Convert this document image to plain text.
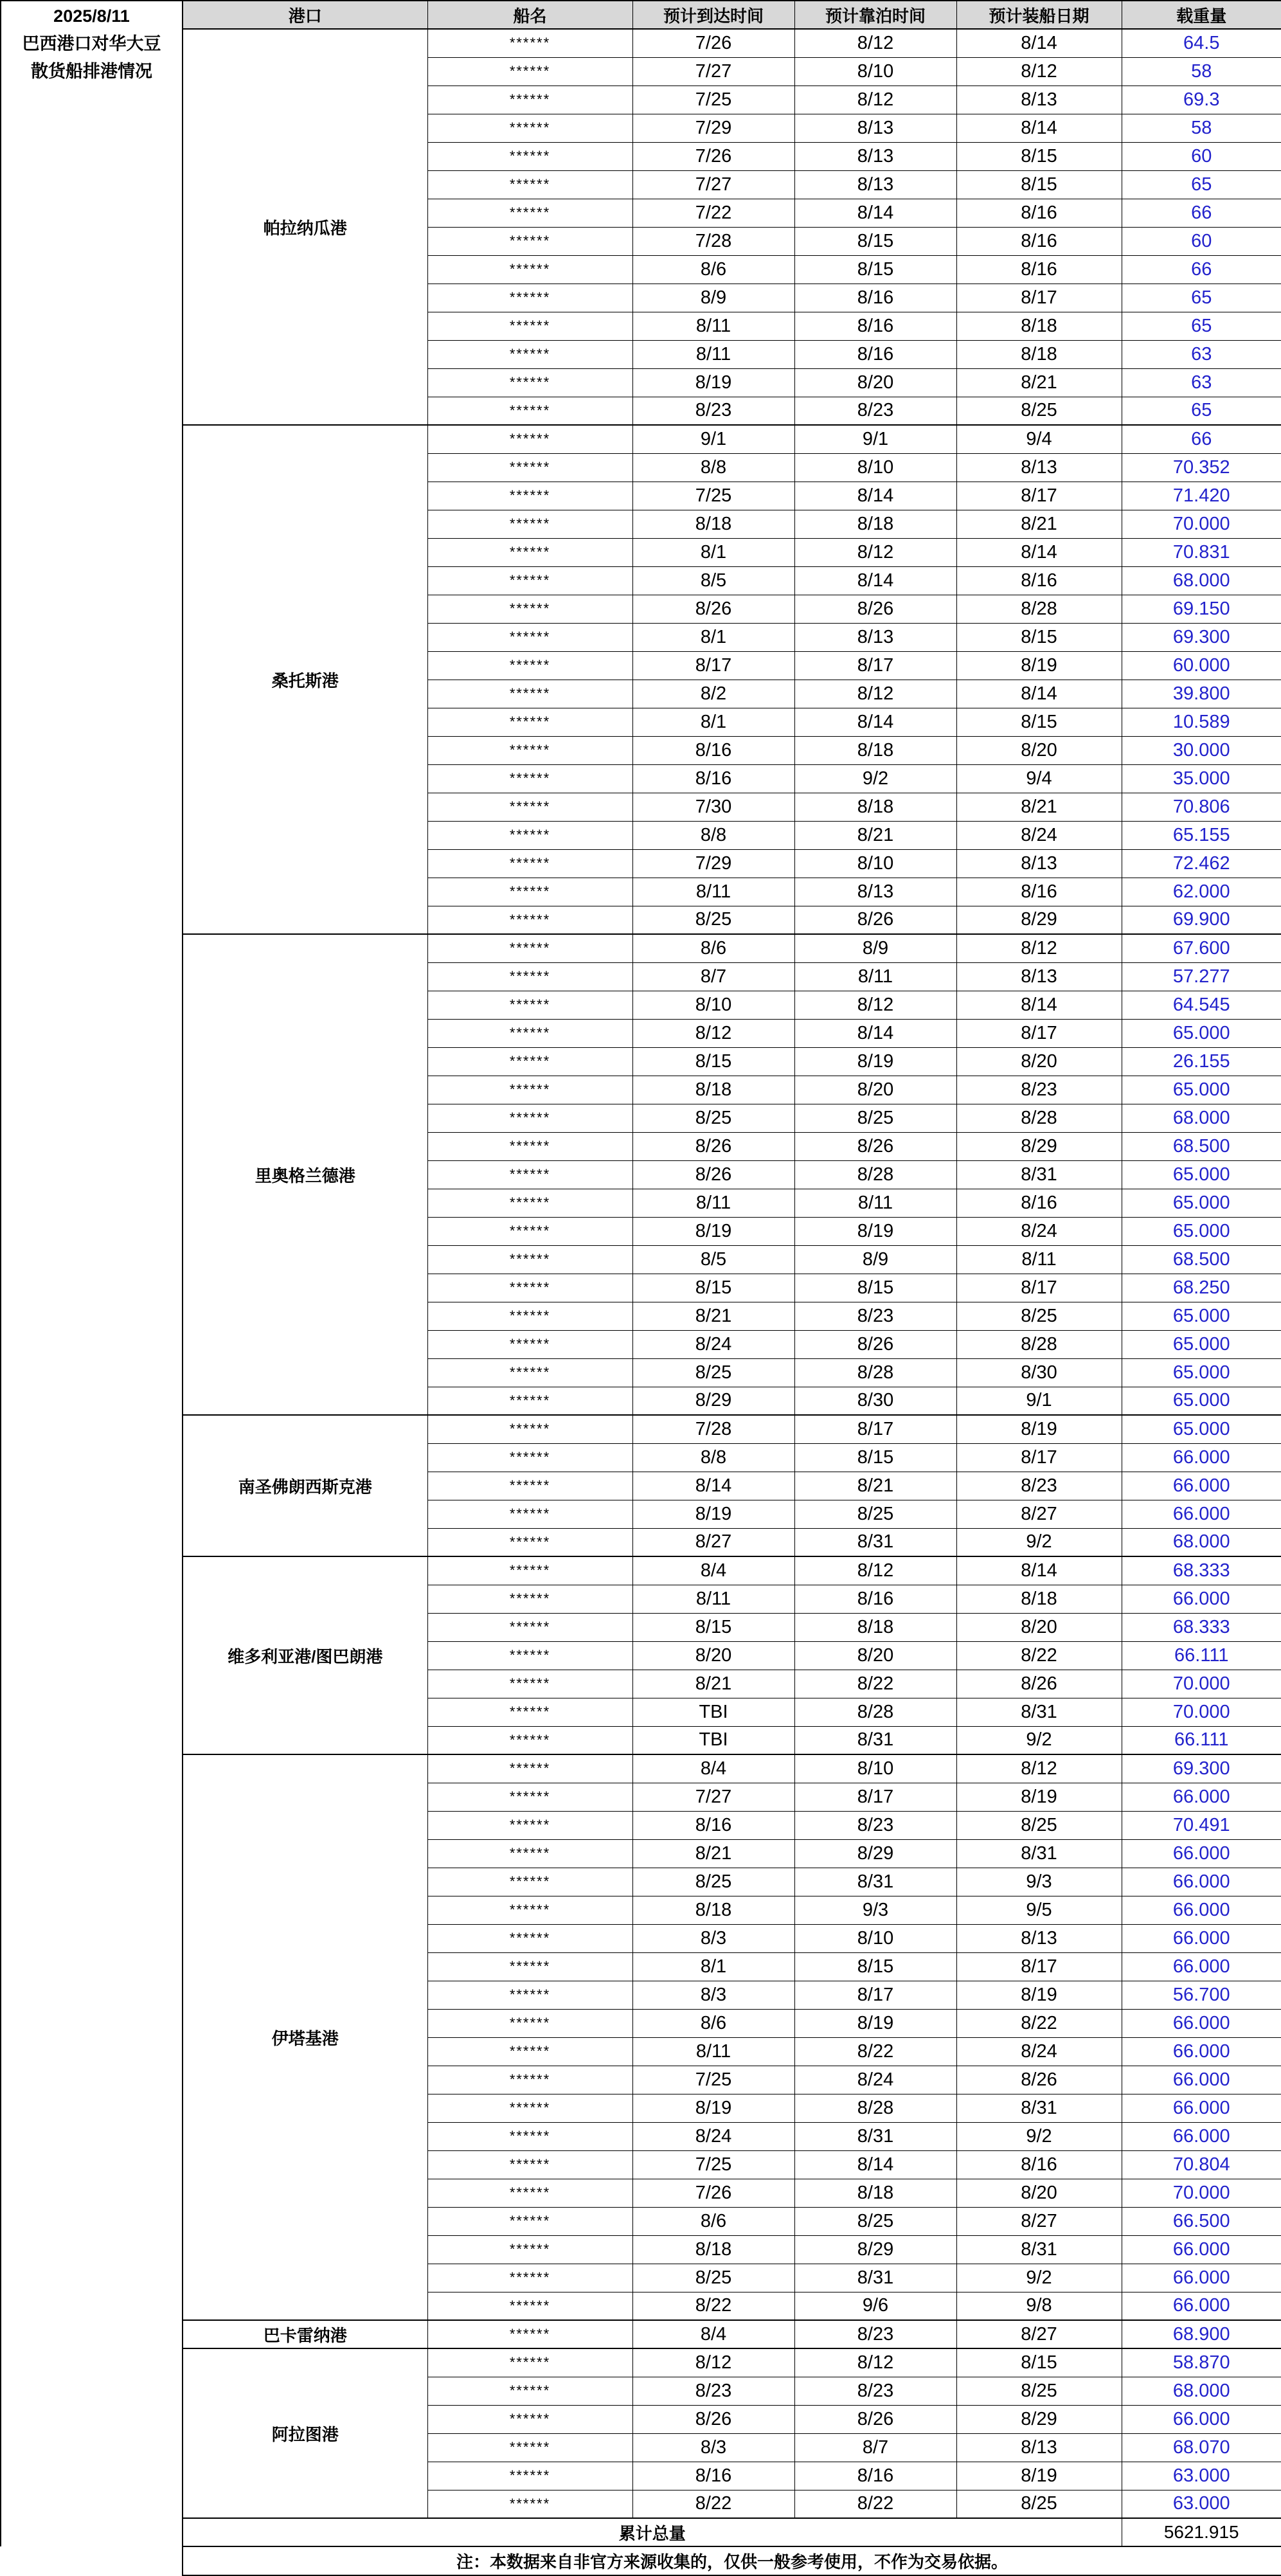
2025/8/11
巴西港口对华大豆
散货船排港情况
港口	船名	预计到达时间	预计靠泊时间	预计装船日期	载重量
帕拉纳瓜港	******	7/26	8/12	8/14	64.5
	******	7/27	8/10	8/12	58
	******	7/25	8/12	8/13	69.3
	******	7/29	8/13	8/14	58
	******	7/26	8/13	8/15	60
	******	7/27	8/13	8/15	65
	******	7/22	8/14	8/16	66
	******	7/28	8/15	8/16	60
	******	8/6	8/15	8/16	66
	******	8/9	8/16	8/17	65
	******	8/11	8/16	8/18	65
	******	8/11	8/16	8/18	63
	******	8/19	8/20	8/21	63
	******	8/23	8/23	8/25	65
桑托斯港	******	9/1	9/1	9/4	66
	******	8/8	8/10	8/13	70.352
	******	7/25	8/14	8/17	71.420
	******	8/18	8/18	8/21	70.000
	******	8/1	8/12	8/14	70.831
	******	8/5	8/14	8/16	68.000
	******	8/26	8/26	8/28	69.150
	******	8/1	8/13	8/15	69.300
	******	8/17	8/17	8/19	60.000
	******	8/2	8/12	8/14	39.800
	******	8/1	8/14	8/15	10.589
	******	8/16	8/18	8/20	30.000
	******	8/16	9/2	9/4	35.000
	******	7/30	8/18	8/21	70.806
	******	8/8	8/21	8/24	65.155
	******	7/29	8/10	8/13	72.462
	******	8/11	8/13	8/16	62.000
	******	8/25	8/26	8/29	69.900
里奥格兰德港	******	8/6	8/9	8/12	67.600
	******	8/7	8/11	8/13	57.277
	******	8/10	8/12	8/14	64.545
	******	8/12	8/14	8/17	65.000
	******	8/15	8/19	8/20	26.155
	******	8/18	8/20	8/23	65.000
	******	8/25	8/25	8/28	68.000
	******	8/26	8/26	8/29	68.500
	******	8/26	8/28	8/31	65.000
	******	8/11	8/11	8/16	65.000
	******	8/19	8/19	8/24	65.000
	******	8/5	8/9	8/11	68.500
	******	8/15	8/15	8/17	68.250
	******	8/21	8/23	8/25	65.000
	******	8/24	8/26	8/28	65.000
	******	8/25	8/28	8/30	65.000
	******	8/29	8/30	9/1	65.000
南圣佛朗西斯克港	******	7/28	8/17	8/19	65.000
	******	8/8	8/15	8/17	66.000
	******	8/14	8/21	8/23	66.000
	******	8/19	8/25	8/27	66.000
	******	8/27	8/31	9/2	68.000
维多利亚港/图巴朗港	******	8/4	8/12	8/14	68.333
	******	8/11	8/16	8/18	66.000
	******	8/15	8/18	8/20	68.333
	******	8/20	8/20	8/22	66.111
	******	8/21	8/22	8/26	70.000
	******	TBI	8/28	8/31	70.000
	******	TBI	8/31	9/2	66.111
伊塔基港	******	8/4	8/10	8/12	69.300
	******	7/27	8/17	8/19	66.000
	******	8/16	8/23	8/25	70.491
	******	8/21	8/29	8/31	66.000
	******	8/25	8/31	9/3	66.000
	******	8/18	9/3	9/5	66.000
	******	8/3	8/10	8/13	66.000
	******	8/1	8/15	8/17	66.000
	******	8/3	8/17	8/19	56.700
	******	8/6	8/19	8/22	66.000
	******	8/11	8/22	8/24	66.000
	******	7/25	8/24	8/26	66.000
	******	8/19	8/28	8/31	66.000
	******	8/24	8/31	9/2	66.000
	******	7/25	8/14	8/16	70.804
	******	7/26	8/18	8/20	70.000
	******	8/6	8/25	8/27	66.500
	******	8/18	8/29	8/31	66.000
	******	8/25	8/31	9/2	66.000
	******	8/22	9/6	9/8	66.000
巴卡雷纳港	******	8/4	8/23	8/27	68.900
阿拉图港	******	8/12	8/12	8/15	58.870
	******	8/23	8/23	8/25	68.000
	******	8/26	8/26	8/29	66.000
	******	8/3	8/7	8/13	68.070
	******	8/16	8/16	8/19	63.000
	******	8/22	8/22	8/25	63.000
累计总量					5621.915
注：本数据来自非官方来源收集的，仅供一般参考使用，不作为交易依据。					
